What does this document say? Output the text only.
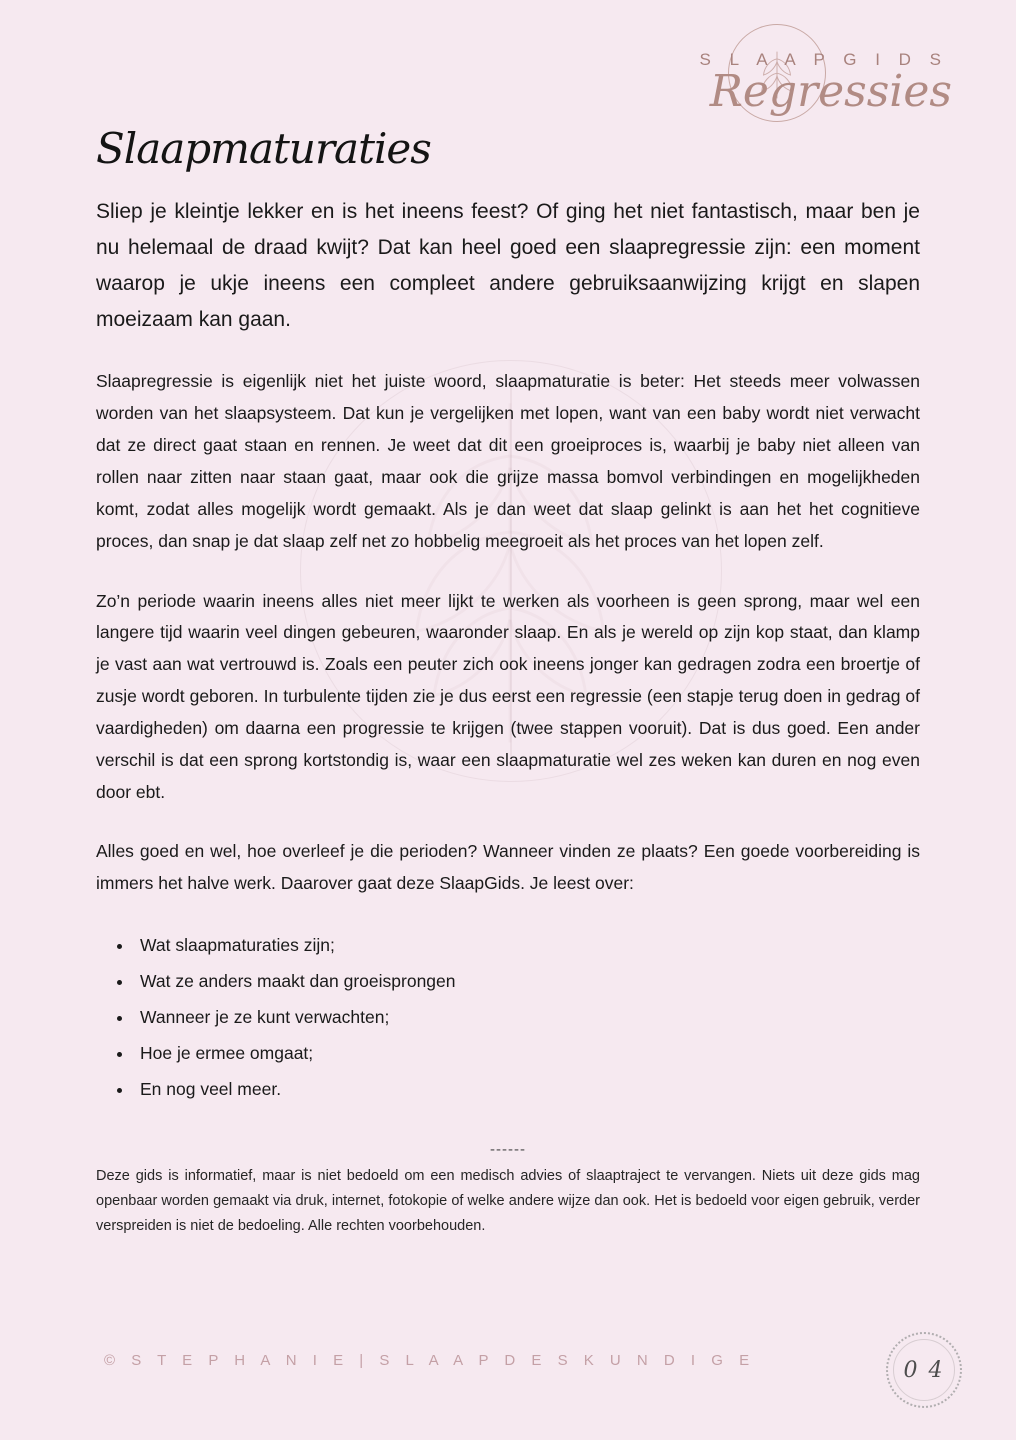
S L A A P G I D S
Regressies
Slaapmaturaties

Sliep je kleintje lekker en is het ineens feest? Of ging het niet fantastisch, maar ben je nu helemaal de draad kwijt? Dat kan heel goed een slaapregressie zijn: een moment waarop je ukje ineens een compleet andere gebruiksaanwijzing krijgt en slapen moeizaam kan gaan.

Slaapregressie is eigenlijk niet het juiste woord, slaapmaturatie is beter: Het steeds meer volwassen worden van het slaapsysteem. Dat kun je vergelijken met lopen, want van een baby wordt niet verwacht dat ze direct gaat staan en rennen. Je weet dat dit een groeiproces is, waarbij je baby niet alleen van rollen naar zitten naar staan gaat, maar ook die grijze massa bomvol verbindingen en mogelijkheden komt, zodat alles mogelijk wordt gemaakt. Als je dan weet dat slaap gelinkt is aan het het cognitieve proces, dan snap je dat slaap zelf net zo hobbelig meegroeit als het proces van het lopen zelf.

Zo’n periode waarin ineens alles niet meer lijkt te werken als voorheen is geen sprong, maar wel een langere tijd waarin veel dingen gebeuren, waaronder slaap. En als je wereld op zijn kop staat, dan klamp je vast aan wat vertrouwd is. Zoals een peuter zich ook ineens jonger kan gedragen zodra een broertje of zusje wordt geboren. In turbulente tijden zie je dus eerst een regressie (een stapje terug doen in gedrag of vaardigheden) om daarna een progressie te krijgen (twee stappen vooruit). Dat is dus goed. Een ander verschil is dat een sprong kortstondig is, waar een slaapmaturatie wel zes weken kan duren en nog even door ebt.

Alles goed en wel, hoe overleef je die perioden? Wanneer vinden ze plaats? Een goede voorbereiding is immers het halve werk. Daarover gaat deze SlaapGids. Je leest over:

• Wat slaapmaturaties zijn;
• Wat ze anders maakt dan groeisprongen
• Wanneer je ze kunt verwachten;
• Hoe je ermee omgaat;
• En nog veel meer.
------

Deze gids is informatief, maar is niet bedoeld om een medisch advies of slaaptraject te vervangen. Niets uit deze gids mag openbaar worden gemaakt via druk, internet, fotokopie of welke andere wijze dan ook. Het is bedoeld voor eigen gebruik, verder verspreiden is niet de bedoeling. Alle rechten voorbehouden.

© S T E P H A N I E | S L A A P D E S K U N D I G E	0 4
